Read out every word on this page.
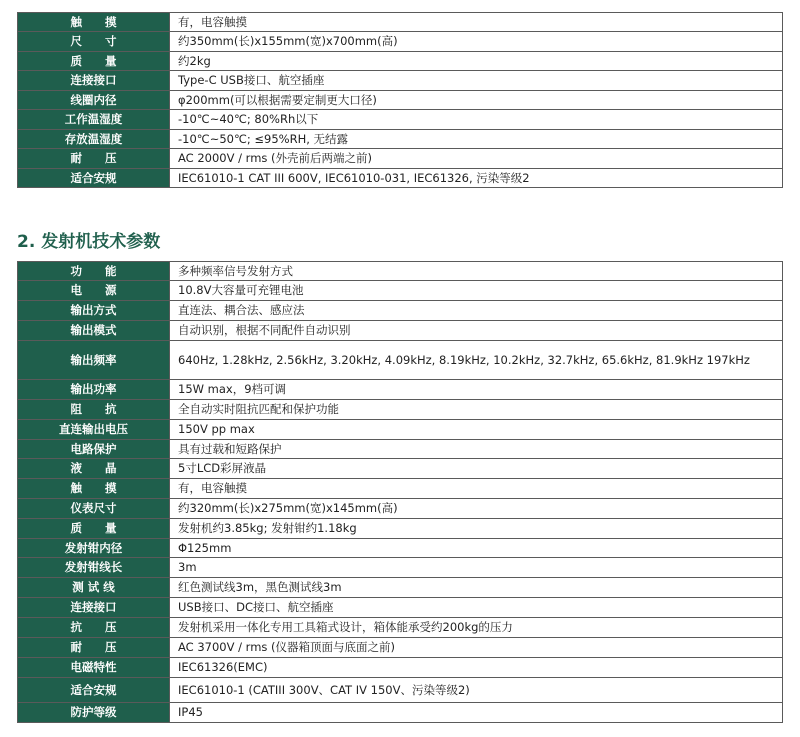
触　　摸	有，电容触摸
尺　　寸	约350mm(长)x155mm(宽)x700mm(高)
质　　量	约2kg
连接接口	Type-C USB接口、航空插座
线圈内径	φ200mm(可以根据需要定制更大口径)
工作温湿度	-10℃~40℃; 80%Rh以下
存放温湿度	-10℃~50℃; ≤95%RH, 无结露
耐　　压	AC 2000V / rms (外壳前后两端之前)
适合安规	IEC61010-1 CAT III 600V, IEC61010-031, IEC61326, 污染等级2
2. 发射机技术参数
功　　能	多种频率信号发射方式
电　　源	10.8V大容量可充锂电池
输出方式	直连法、耦合法、感应法
输出模式	自动识别，根据不同配件自动识别
输出频率	640Hz, 1.28kHz, 2.56kHz, 3.20kHz, 4.09kHz, 8.19kHz, 10.2kHz, 32.7kHz, 65.6kHz, 81.9kHz 197kHz
输出功率	15W max，9档可调
阻　　抗	全自动实时阻抗匹配和保护功能
直连输出电压	150V pp max
电路保护	具有过载和短路保护
液　　晶	5寸LCD彩屏液晶
触　　摸	有，电容触摸
仪表尺寸	约320mm(长)x275mm(宽)x145mm(高)
质　　量	发射机约3.85kg; 发射钳约1.18kg
发射钳内径	Φ125mm
发射钳线长	3m
测 试 线	红色测试线3m，黑色测试线3m
连接接口	USB接口、DC接口、航空插座
抗　　压	发射机采用一体化专用工具箱式设计，箱体能承受约200kg的压力
耐　　压	AC 3700V / rms (仪器箱顶面与底面之前)
电磁特性	IEC61326(EMC)
适合安规	IEC61010-1 (CATIII 300V、CAT IV 150V、污染等级2)
防护等级	IP45
